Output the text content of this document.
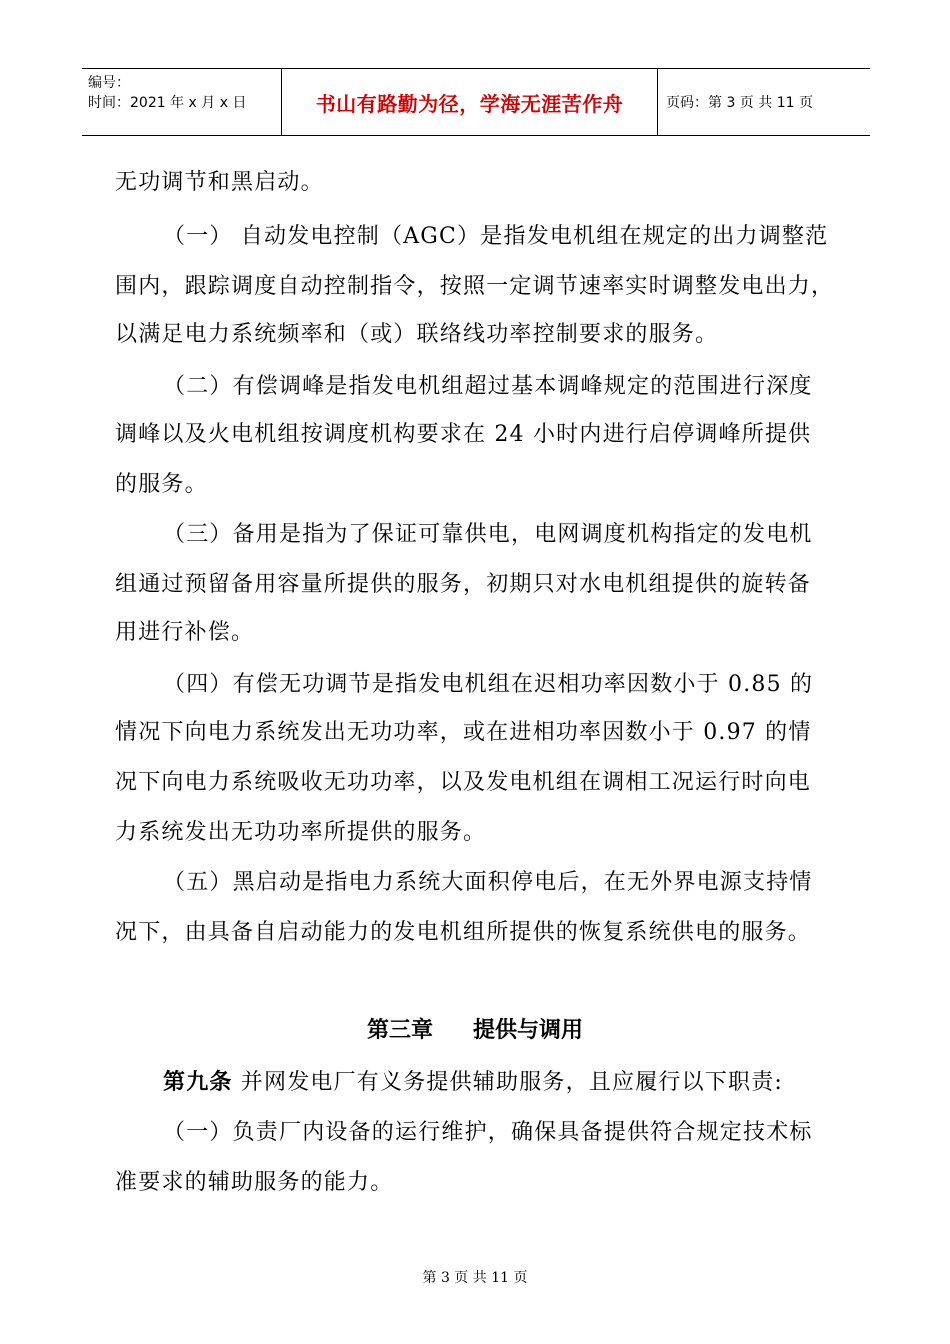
编号：
时间：2021 年 x 月 x 日	书山有路勤为径，学海无涯苦作舟	页码：第 3 页 共 11 页
无功调节和黑启动。
（一） 自动发电控制（AGC）是指发电机组在规定的出力调整范
围内，跟踪调度自动控制指令，按照一定调节速率实时调整发电出力，
以满足电力系统频率和（或）联络线功率控制要求的服务。
（二）有偿调峰是指发电机组超过基本调峰规定的范围进行深度
调峰以及火电机组按调度机构要求在 24 小时内进行启停调峰所提供
的服务。
（三）备用是指为了保证可靠供电，电网调度机构指定的发电机
组通过预留备用容量所提供的服务，初期只对水电机组提供的旋转备
用进行补偿。
（四）有偿无功调节是指发电机组在迟相功率因数小于 0.85 的
情况下向电力系统发出无功功率，或在进相功率因数小于 0.97 的情
况下向电力系统吸收无功功率，以及发电机组在调相工况运行时向电
力系统发出无功功率所提供的服务。
（五）黑启动是指电力系统大面积停电后，在无外界电源支持情
况下，由具备自启动能力的发电机组所提供的恢复系统供电的服务。
第三章 提供与调用
第九条 并网发电厂有义务提供辅助服务，且应履行以下职责:
（一）负责厂内设备的运行维护，确保具备提供符合规定技术标
准要求的辅助服务的能力。
第 3 页 共 11 页
